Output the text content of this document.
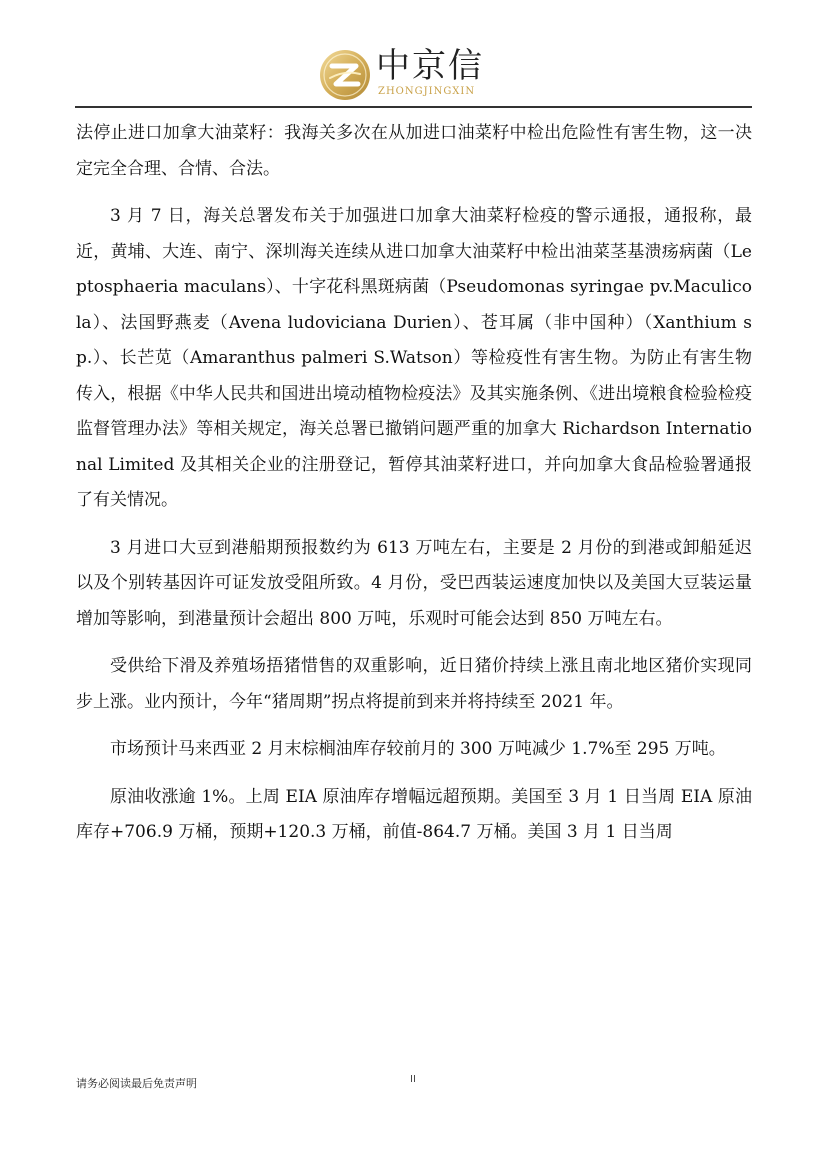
中京信
ZHONGJINGXIN

法停止进口加拿大油菜籽：我海关多次在从加进口油菜籽中检出危险性有害生物，这一决定完全合理、合情、合法。

3 月 7 日，海关总署发布关于加强进口加拿大油菜籽检疫的警示通报，通报称，最近，黄埔、大连、南宁、深圳海关连续从进口加拿大油菜籽中检出油菜茎基溃疡病菌（Leptosphaeria maculans）、十字花科黑斑病菌（Pseudomonas syringae pv.Maculicola）、法国野燕麦（Avena ludoviciana Durien）、苍耳属（非中国种）（Xanthium sp.）、长芒苋（Amaranthus palmeri S.Watson）等检疫性有害生物。为防止有害生物传入，根据《中华人民共和国进出境动植物检疫法》及其实施条例、《进出境粮食检验检疫监督管理办法》等相关规定，海关总署已撤销问题严重的加拿大 Richardson International Limited 及其相关企业的注册登记，暂停其油菜籽进口，并向加拿大食品检验署通报了有关情况。

3 月进口大豆到港船期预报数约为 613 万吨左右，主要是 2 月份的到港或卸船延迟以及个别转基因许可证发放受阻所致。4 月份，受巴西装运速度加快以及美国大豆装运量增加等影响，到港量预计会超出 800 万吨，乐观时可能会达到 850 万吨左右。

受供给下滑及养殖场捂猪惜售的双重影响，近日猪价持续上涨且南北地区猪价实现同步上涨。业内预计，今年“猪周期”拐点将提前到来并将持续至 2021 年。

市场预计马来西亚 2 月末棕榈油库存较前月的 300 万吨减少 1.7%至 295 万吨。

原油收涨逾 1%。上周 EIA 原油库存增幅远超预期。美国至 3 月 1 日当周 EIA 原油库存+706.9 万桶，预期+120.3 万桶，前值-864.7 万桶。美国 3 月 1 日当周

请务必阅读最后免责声明	II
